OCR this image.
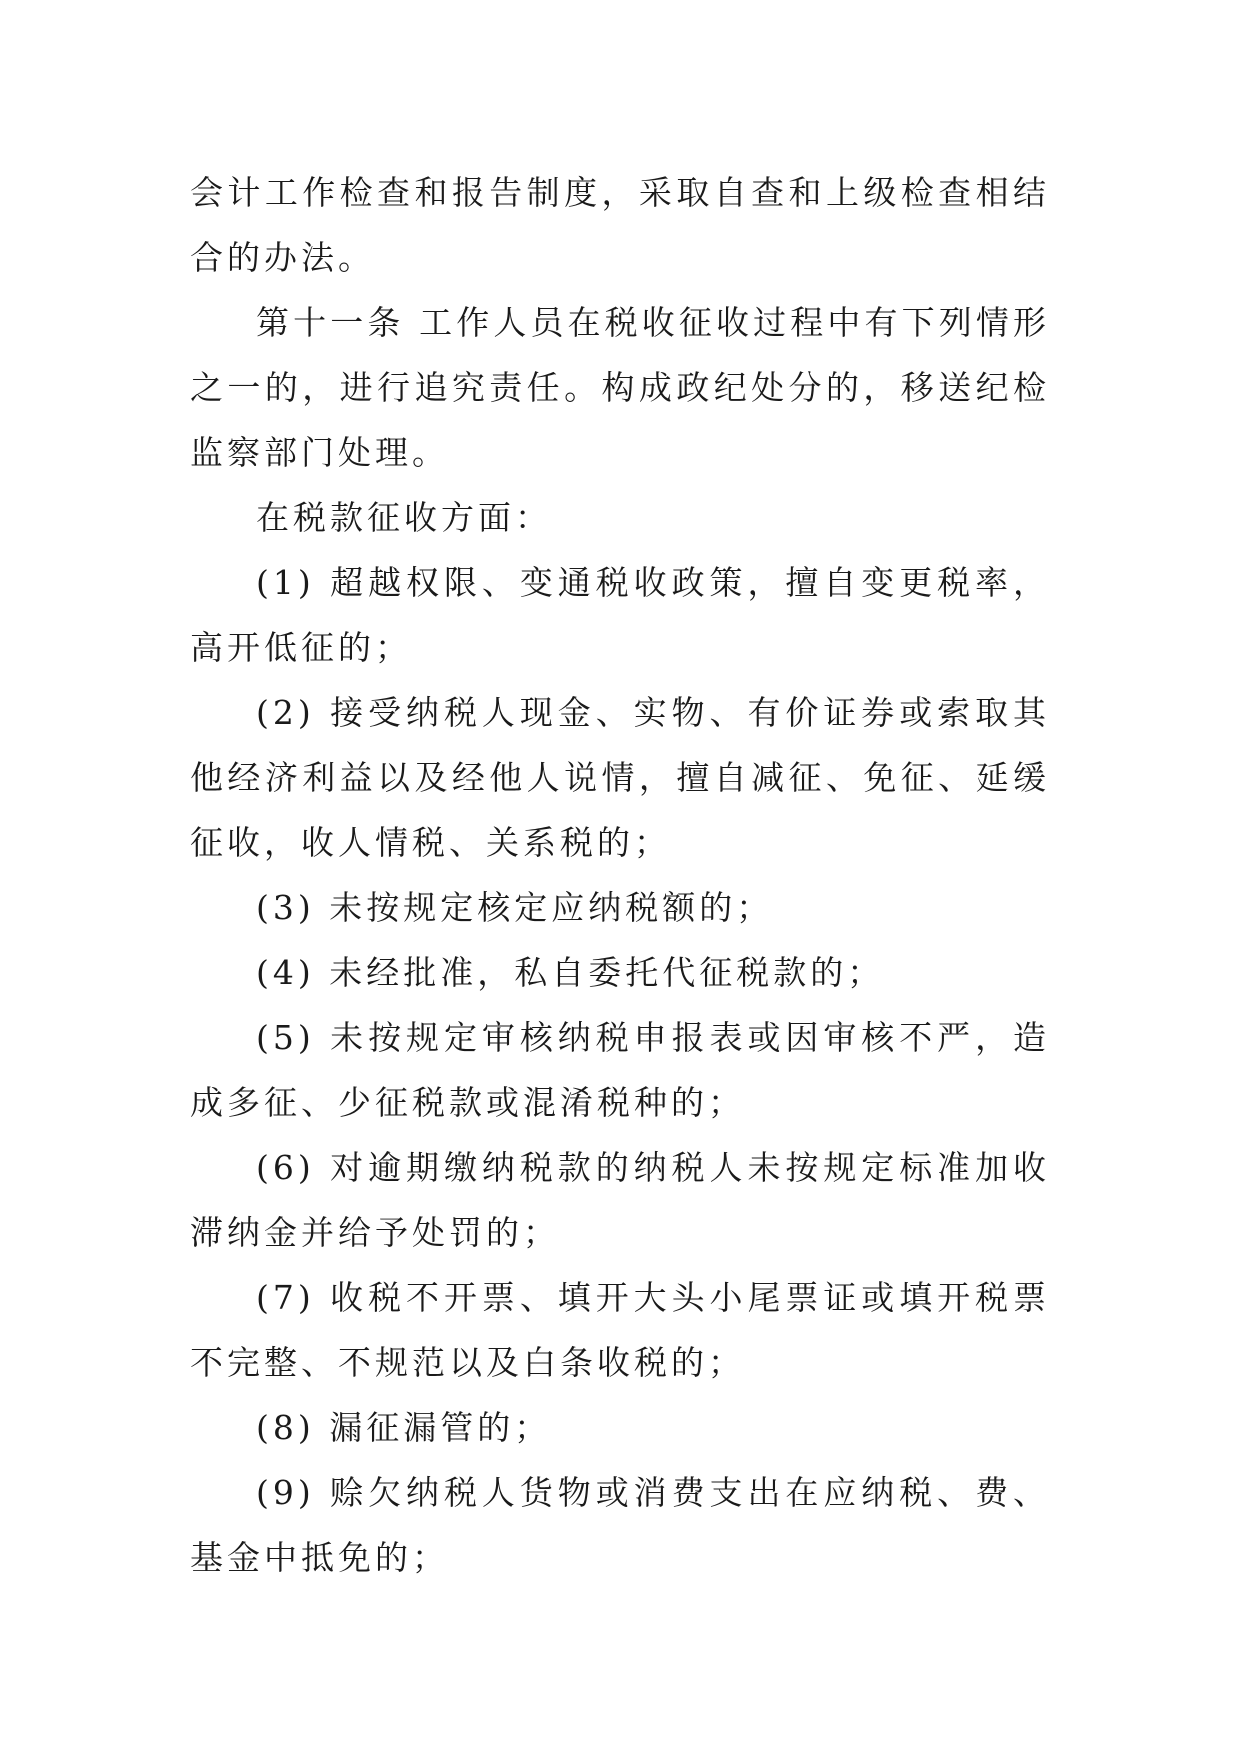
会计工作检查和报告制度，采取自查和上级检查相结合的办法。

第十一条 工作人员在税收征收过程中有下列情形之一的，进行追究责任。构成政纪处分的，移送纪检监察部门处理。

在税款征收方面：

(1) 超越权限、变通税收政策，擅自变更税率，高开低征的；

(2) 接受纳税人现金、实物、有价证券或索取其他经济利益以及经他人说情，擅自减征、免征、延缓征收，收人情税、关系税的；

(3) 未按规定核定应纳税额的；

(4) 未经批准，私自委托代征税款的；

(5) 未按规定审核纳税申报表或因审核不严，造成多征、少征税款或混淆税种的；

(6) 对逾期缴纳税款的纳税人未按规定标准加收滞纳金并给予处罚的；

(7) 收税不开票、填开大头小尾票证或填开税票不完整、不规范以及白条收税的；

(8) 漏征漏管的；

(9) 赊欠纳税人货物或消费支出在应纳税、费、基金中抵免的；
